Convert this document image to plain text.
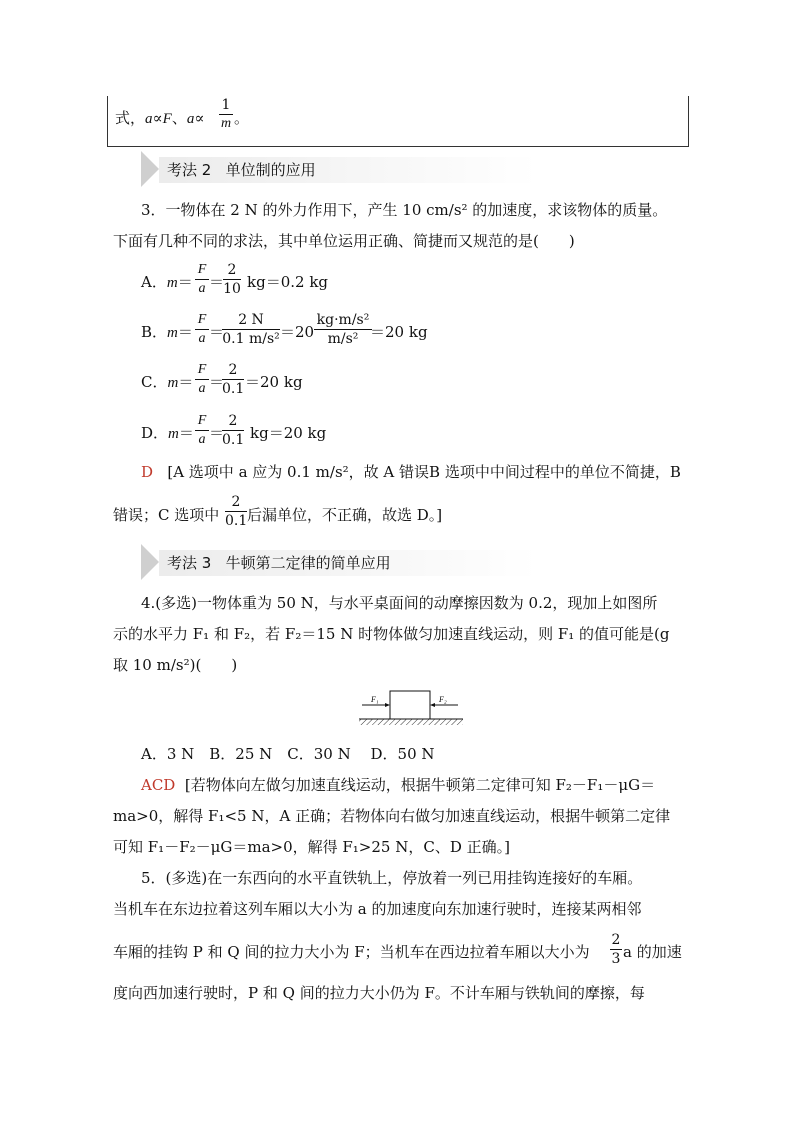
式，a∝F、a∝
1
m 。
考法 2 单位制的应用
3．一物体在 2 N 的外力作用下，产生 10 cm/s² 的加速度，求该物体的质量。
下面有几种不同的求法，其中单位运用正确、简捷而又规范的是(　　)
A．m＝
F
a ＝
2
10 kg＝0.2 kg
B．m＝
F
a ＝
2 N
0.1 m/s² ＝20
kg·m/s²
m/s² ＝20 kg
C．m＝
F
a ＝
2
0.1 ＝20 kg
D．m＝
F
a ＝
2
0.1 kg＝20 kg
D [A 选项中 a 应为 0.1 m/s²，故 A 错误B 选项中中间过程中的单位不简捷，B
错误；C 选项中
2
0.1 后漏单位，不正确，故选 D。]
考法 3 牛顿第二定律的简单应用
4.(多选)一物体重为 50 N，与水平桌面间的动摩擦因数为 0.2，现加上如图所
示的水平力 F₁ 和 F₂，若 F₂＝15 N 时物体做匀加速直线运动，则 F₁ 的值可能是(g
取 10 m/s²)(　　)
F₁	F₂
A．3 N　B．25 N　C．30 N　 D．50 N
ACD [若物体向左做匀加速直线运动，根据牛顿第二定律可知 F₂－F₁－μG＝
ma>0，解得 F₁<5 N，A 正确；若物体向右做匀加速直线运动，根据牛顿第二定律
可知 F₁－F₂－μG＝ma>0，解得 F₁>25 N，C、D 正确。]
5．(多选)在一东西向的水平直铁轨上，停放着一列已用挂钩连接好的车厢。
当机车在东边拉着这列车厢以大小为 a 的加速度向东加速行驶时，连接某两相邻
车厢的挂钩 P 和 Q 间的拉力大小为 F；当机车在西边拉着车厢以大小为
2
3 a 的加速
度向西加速行驶时，P 和 Q 间的拉力大小仍为 F。不计车厢与铁轨间的摩擦，每
